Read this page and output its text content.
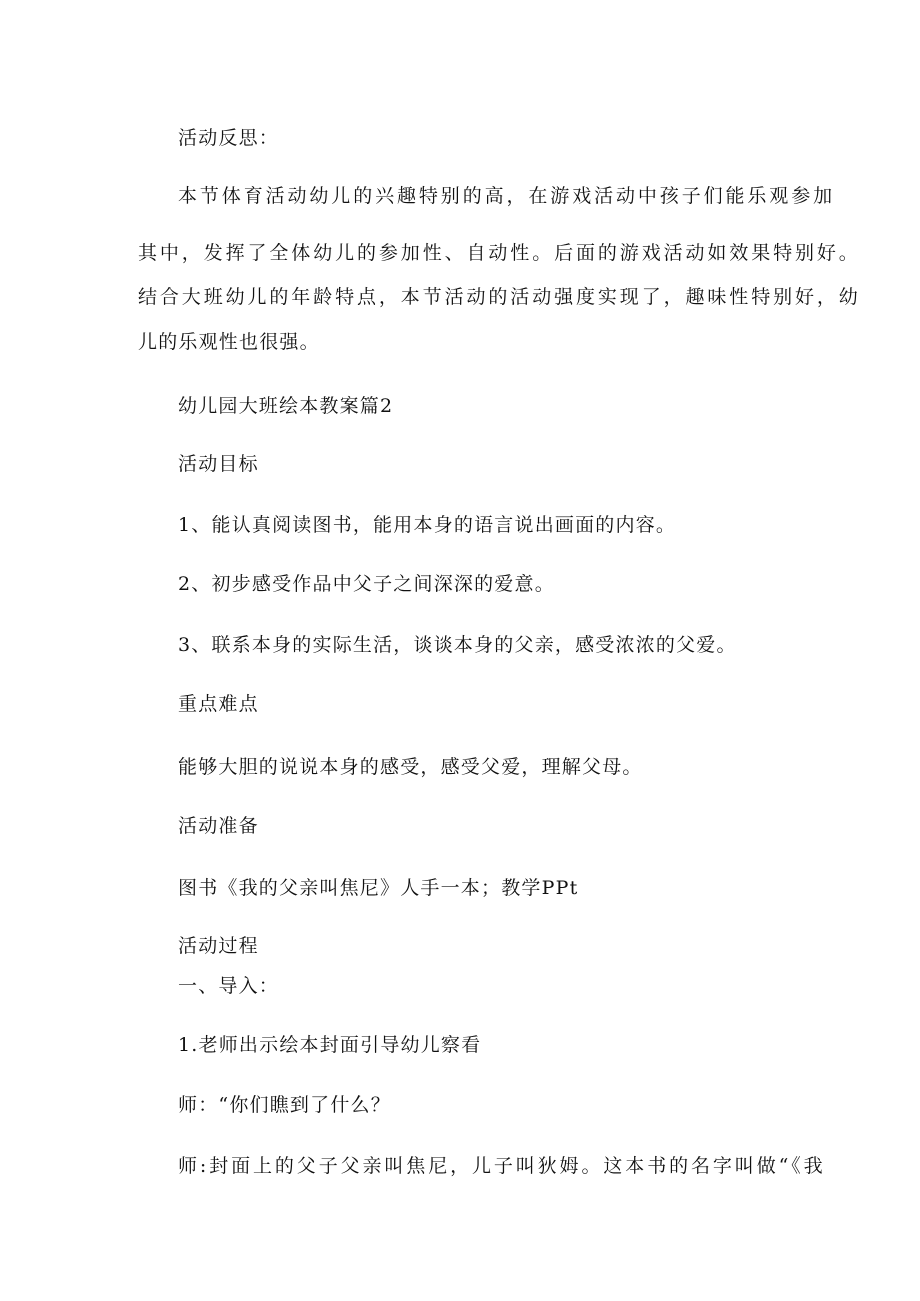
活动反思：
本节体育活动幼儿的兴趣特别的高，在游戏活动中孩子们能乐观参加
其中，发挥了全体幼儿的参加性、自动性。后面的游戏活动如效果特别好。
结合大班幼儿的年龄特点，本节活动的活动强度实现了，趣味性特别好，幼
儿的乐观性也很强。
幼儿园大班绘本教案篇2
活动目标
1、能认真阅读图书，能用本身的语言说出画面的内容。
2、初步感受作品中父子之间深深的爱意。
3、联系本身的实际生活，谈谈本身的父亲，感受浓浓的父爱。
重点难点
能够大胆的说说本身的感受，感受父爱，理解父母。
活动准备
图书《我的父亲叫焦尼》人手一本；教学PPt
活动过程
一、导入：
1.老师出示绘本封面引导幼儿察看
师：“你们瞧到了什么？
师:封面上的父子父亲叫焦尼，儿子叫狄姆。这本书的名字叫做“《我
